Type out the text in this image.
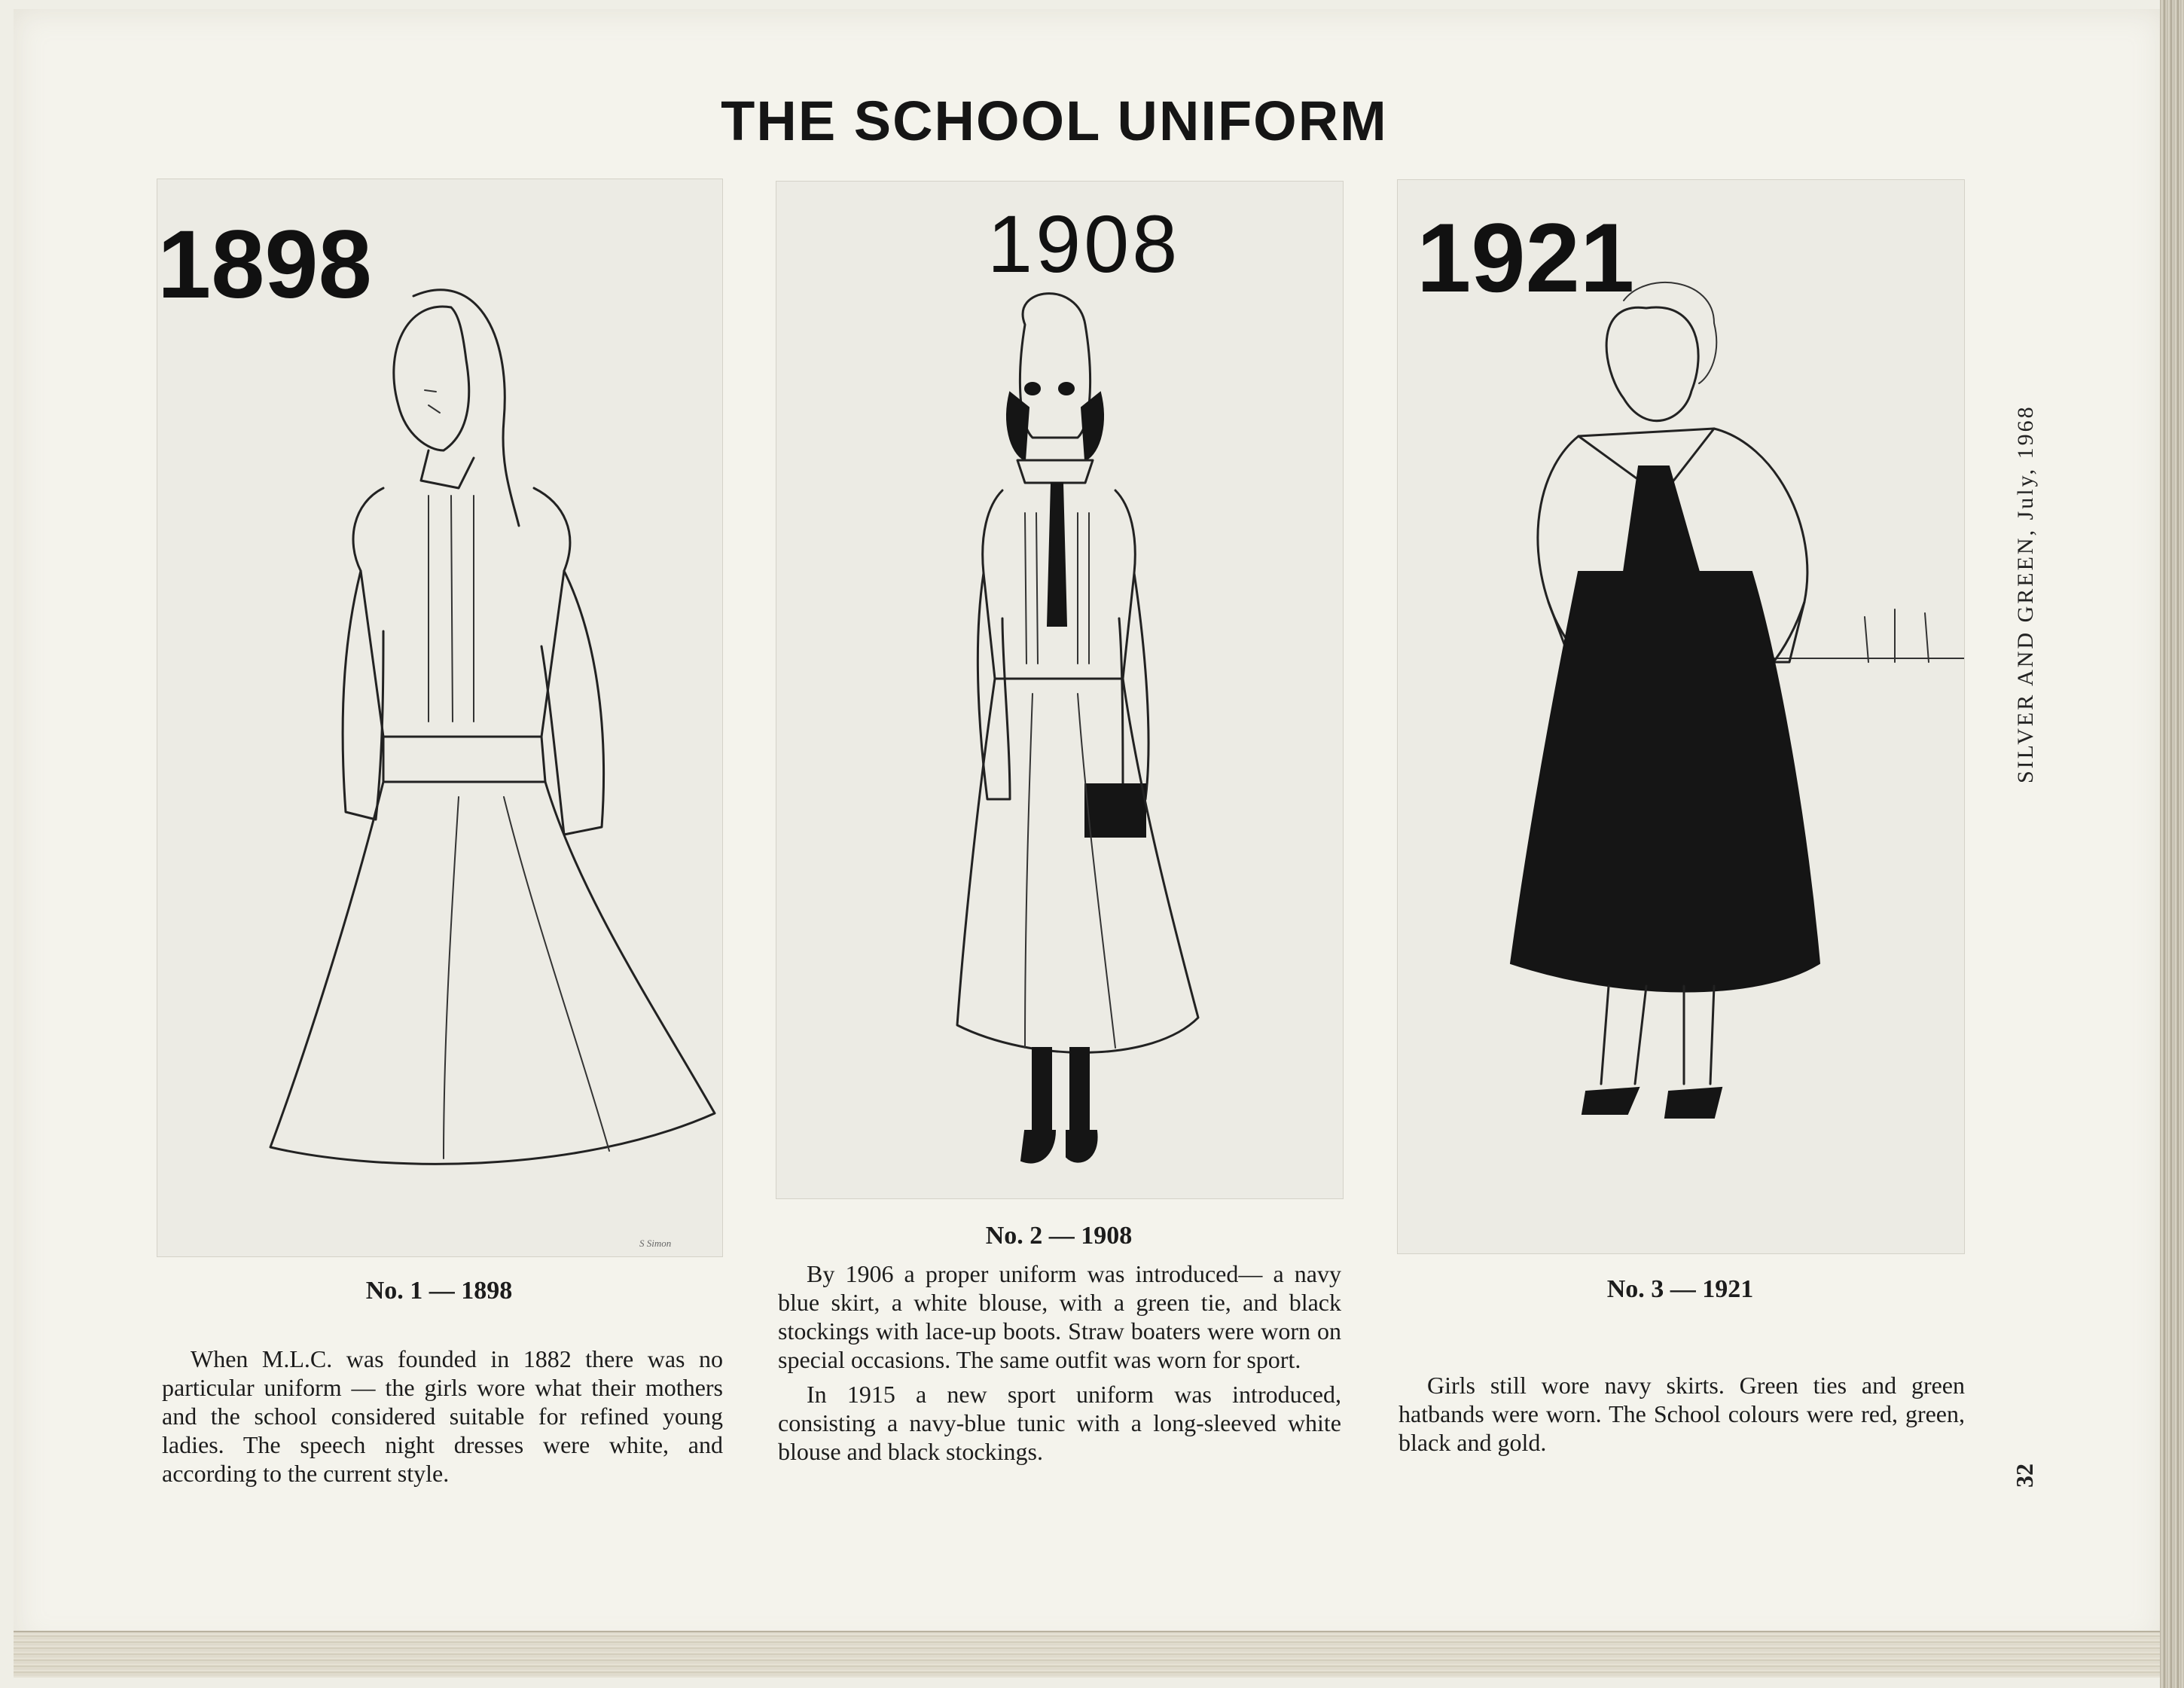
THE SCHOOL UNIFORM
SILVER AND GREEN, July, 1968
32
1898
S Simon
No. 1 — 1898

When M.L.C. was founded in 1882 there was no particular uniform — the girls wore what their mothers and the school considered suitable for refined young ladies. The speech night dresses were white, and according to the current style.

1908
No. 2 — 1908

By 1906 a proper uniform was introduced— a navy blue skirt, a white blouse, with a green tie, and black stockings with lace-up boots. Straw boaters were worn on special occasions. The same outfit was worn for sport.

In 1915 a new sport uniform was introduced, consisting a navy-blue tunic with a long-sleeved white blouse and black stockings.

1921
No. 3 — 1921

Girls still wore navy skirts. Green ties and green hatbands were worn. The School colours were red, green, black and gold.
